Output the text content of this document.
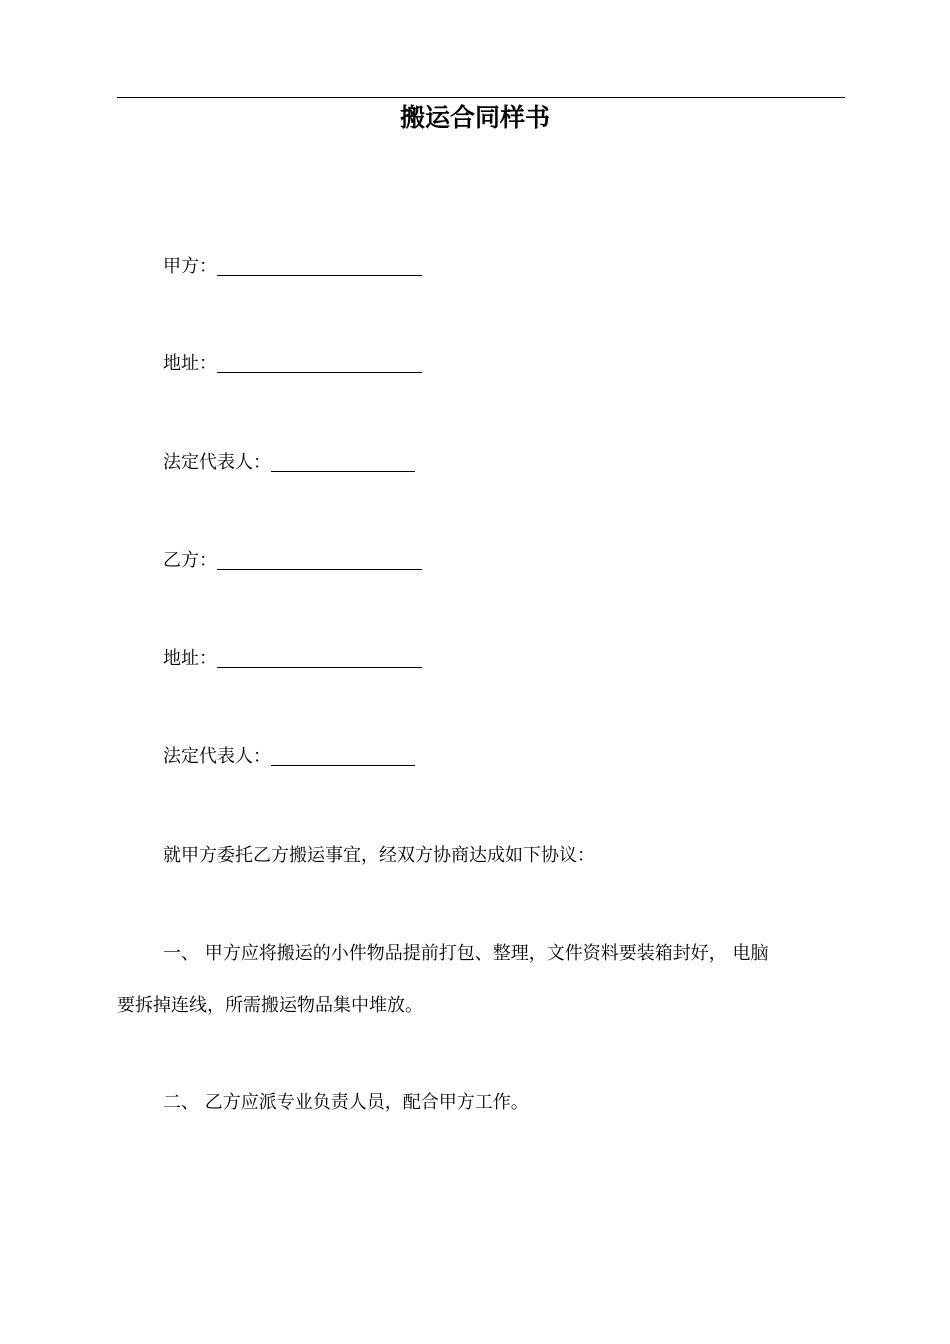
搬运合同样书
甲方：
地址：
法定代表人：
乙方：
地址：
法定代表人：
就甲方委托乙方搬运事宜，经双方协商达成如下协议：
一、 甲方应将搬运的小件物品提前打包、整理，文件资料要装箱封好， 电脑
要拆掉连线，所需搬运物品集中堆放。
二、 乙方应派专业负责人员，配合甲方工作。
